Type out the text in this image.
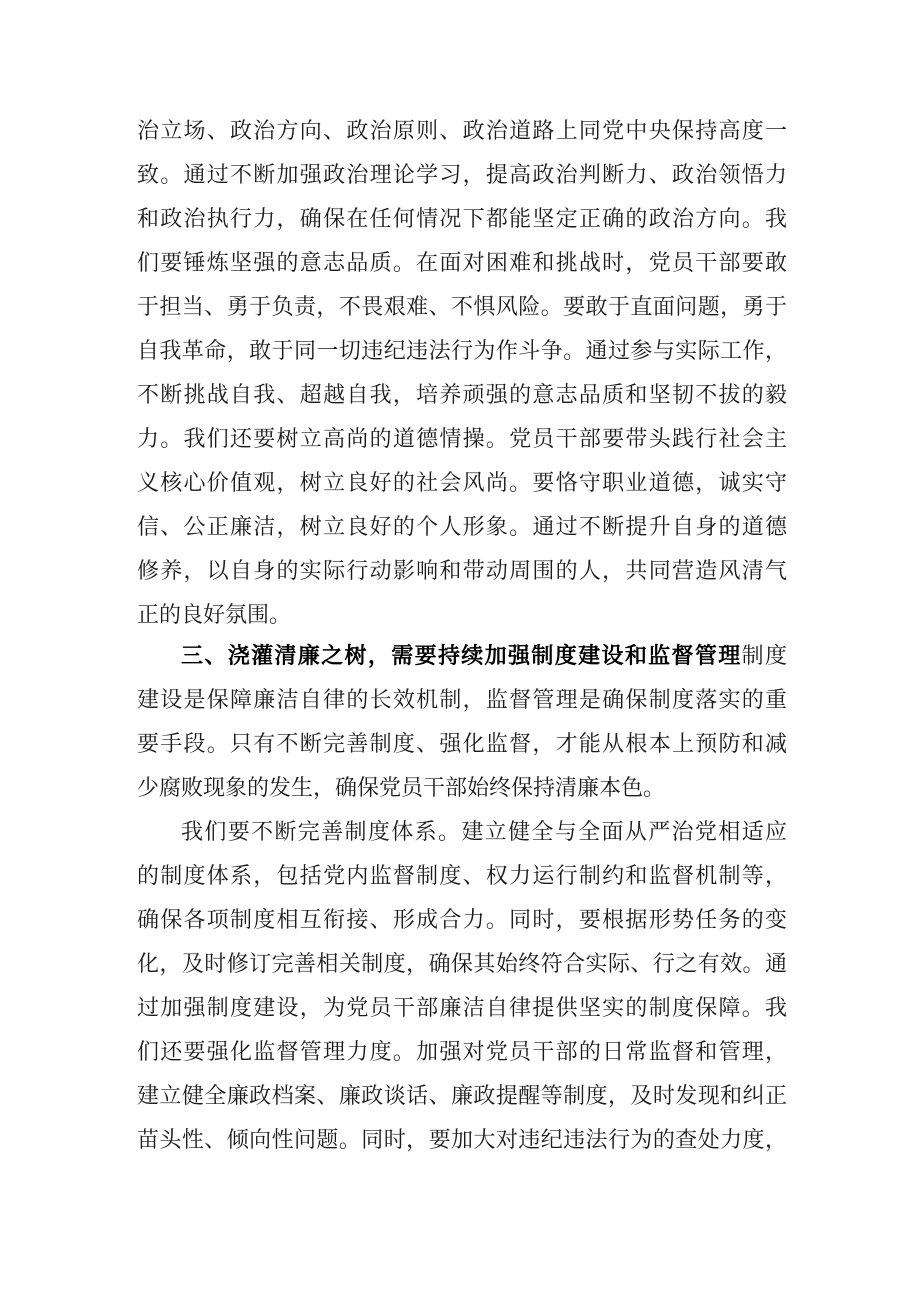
治立场、政治方向、政治原则、政治道路上同党中央保持高度一
致。通过不断加强政治理论学习，提高政治判断力、政治领悟力
和政治执行力，确保在任何情况下都能坚定正确的政治方向。我
们要锤炼坚强的意志品质。在面对困难和挑战时，党员干部要敢
于担当、勇于负责，不畏艰难、不惧风险。要敢于直面问题，勇于
自我革命，敢于同一切违纪违法行为作斗争。通过参与实际工作，
不断挑战自我、超越自我，培养顽强的意志品质和坚韧不拔的毅
力。我们还要树立高尚的道德情操。党员干部要带头践行社会主
义核心价值观，树立良好的社会风尚。要恪守职业道德，诚实守
信、公正廉洁，树立良好的个人形象。通过不断提升自身的道德
修养，以自身的实际行动影响和带动周围的人，共同营造风清气
正的良好氛围。
三、浇灌清廉之树，需要持续加强制度建设和监督管理制度
建设是保障廉洁自律的长效机制，监督管理是确保制度落实的重
要手段。只有不断完善制度、强化监督，才能从根本上预防和减
少腐败现象的发生，确保党员干部始终保持清廉本色。
我们要不断完善制度体系。建立健全与全面从严治党相适应
的制度体系，包括党内监督制度、权力运行制约和监督机制等，
确保各项制度相互衔接、形成合力。同时，要根据形势任务的变
化，及时修订完善相关制度，确保其始终符合实际、行之有效。通
过加强制度建设，为党员干部廉洁自律提供坚实的制度保障。我
们还要强化监督管理力度。加强对党员干部的日常监督和管理，
建立健全廉政档案、廉政谈话、廉政提醒等制度，及时发现和纠正
苗头性、倾向性问题。同时，要加大对违纪违法行为的查处力度，
